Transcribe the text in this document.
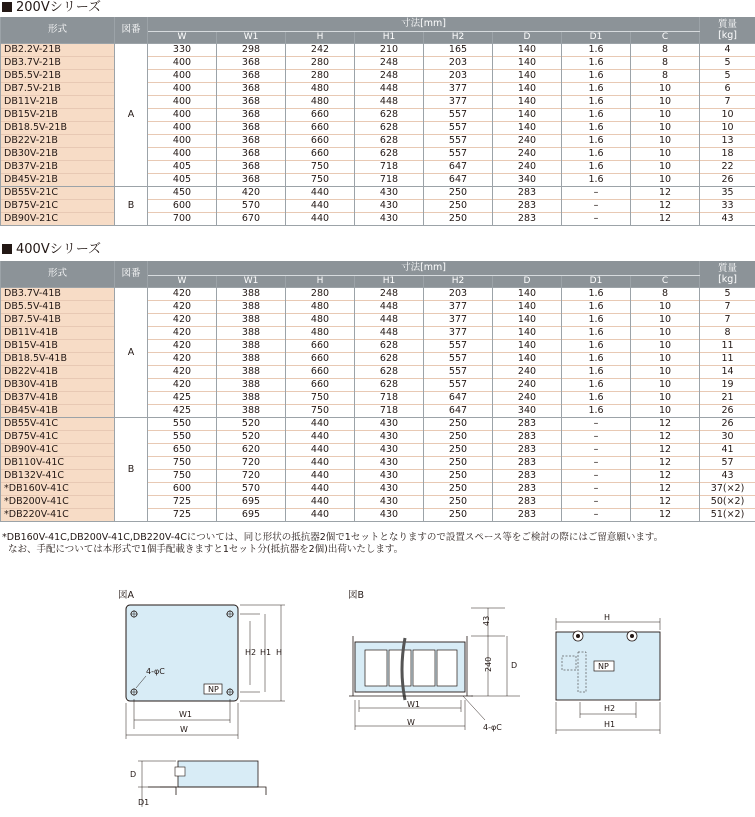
200Vシリーズ
形式	図番	寸法[mm]								質量
[kg]

		W	W1	H	H1	H2	D	D1	C	
DB2.2V-21B	A	330	298	242	210	165	140	1.6	8	4
DB3.7V-21B		400	368	280	248	203	140	1.6	8	5
DB5.5V-21B		400	368	280	248	203	140	1.6	8	5
DB7.5V-21B		400	368	480	448	377	140	1.6	10	6
DB11V-21B		400	368	480	448	377	140	1.6	10	7
DB15V-21B		400	368	660	628	557	140	1.6	10	10
DB18.5V-21B		400	368	660	628	557	140	1.6	10	10
DB22V-21B		400	368	660	628	557	240	1.6	10	13
DB30V-21B		400	368	660	628	557	240	1.6	10	18
DB37V-21B		405	368	750	718	647	240	1.6	10	22
DB45V-21B		405	368	750	718	647	340	1.6	10	26
DB55V-21C	B	450	420	440	430	250	283	–	12	35
DB75V-21C		600	570	440	430	250	283	–	12	33
DB90V-21C		700	670	440	430	250	283	–	12	43
400Vシリーズ
形式	図番	寸法[mm]								質量
[kg]

		W	W1	H	H1	H2	D	D1	C	
DB3.7V-41B	A	420	388	280	248	203	140	1.6	8	5
DB5.5V-41B		420	388	480	448	377	140	1.6	10	7
DB7.5V-41B		420	388	480	448	377	140	1.6	10	7
DB11V-41B		420	388	480	448	377	140	1.6	10	8
DB15V-41B		420	388	660	628	557	140	1.6	10	11
DB18.5V-41B		420	388	660	628	557	140	1.6	10	11
DB22V-41B		420	388	660	628	557	240	1.6	10	14
DB30V-41B		420	388	660	628	557	240	1.6	10	19
DB37V-41B		425	388	750	718	647	240	1.6	10	21
DB45V-41B		425	388	750	718	647	340	1.6	10	26
DB55V-41C	B	550	520	440	430	250	283	–	12	26
DB75V-41C		550	520	440	430	250	283	–	12	30
DB90V-41C		650	620	440	430	250	283	–	12	41
DB110V-41C		750	720	440	430	250	283	–	12	57
DB132V-41C		750	720	440	430	250	283	–	12	43
*DB160V-41C		600	570	440	430	250	283	–	12	37(×2)
*DB200V-41C		725	695	440	430	250	283	–	12	50(×2)
*DB220V-41C		725	695	440	430	250	283	–	12	51(×2)
*DB160V-41C,DB200V-41C,DB220V-4Cについては、同じ形状の抵抗器2個で1セットとなりますので設置スペース等をご検討の際にはご留意願います。
なお、手配については本形式で1個手配載きますと1セット分(抵抗器を2個)出荷いたします。
図A
NP
4-φC
W1
W
H2 H1 H
D
D1
図B
W1
W
43
240 D
4-φC
NP
H
H2
H1
